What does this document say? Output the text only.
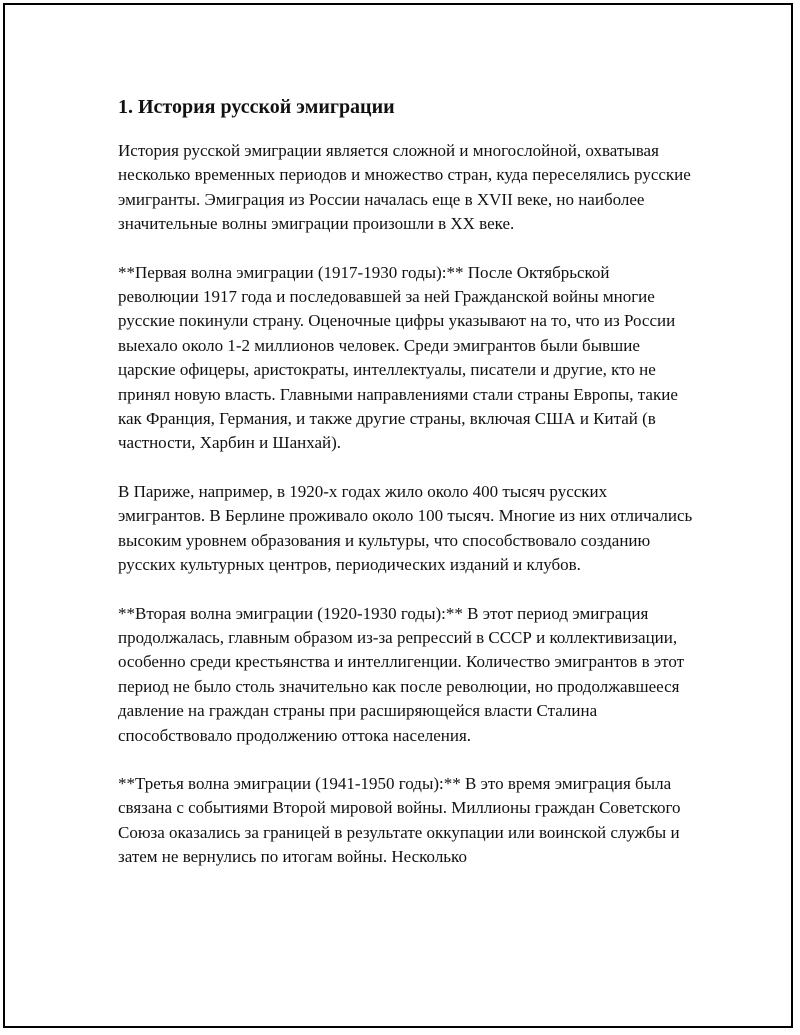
1. История русской эмиграции

История русской эмиграции является сложной и многослойной, охватывая несколько временных периодов и множество стран, куда переселялись русские эмигранты. Эмиграция из России началась еще в XVII веке, но наиболее значительные волны эмиграции произошли в XX веке.

**Первая волна эмиграции (1917-1930 годы):** После Октябрьской революции 1917 года и последовавшей за ней Гражданской войны многие русские покинули страну. Оценочные цифры указывают на то, что из России выехало около 1-2 миллионов человек. Среди эмигрантов были бывшие царские офицеры, аристократы, интеллектуалы, писатели и другие, кто не принял новую власть. Главными направлениями стали страны Европы, такие как Франция, Германия, и также другие страны, включая США и Китай (в частности, Харбин и Шанхай).

В Париже, например, в 1920-х годах жило около 400 тысяч русских эмигрантов. В Берлине проживало около 100 тысяч. Многие из них отличались высоким уровнем образования и культуры, что способствовало созданию русских культурных центров, периодических изданий и клубов.

**Вторая волна эмиграции (1920-1930 годы):** В этот период эмиграция продолжалась, главным образом из-за репрессий в СССР и коллективизации, особенно среди крестьянства и интеллигенции. Количество эмигрантов в этот период не было столь значительно как после революции, но продолжавшееся давление на граждан страны при расширяющейся власти Сталина способствовало продолжению оттока населения.

**Третья волна эмиграции (1941-1950 годы):** В это время эмиграция была связана с событиями Второй мировой войны. Миллионы граждан Советского Союза оказались за границей в результате оккупации или воинской службы и затем не вернулись по итогам войны. Несколько
